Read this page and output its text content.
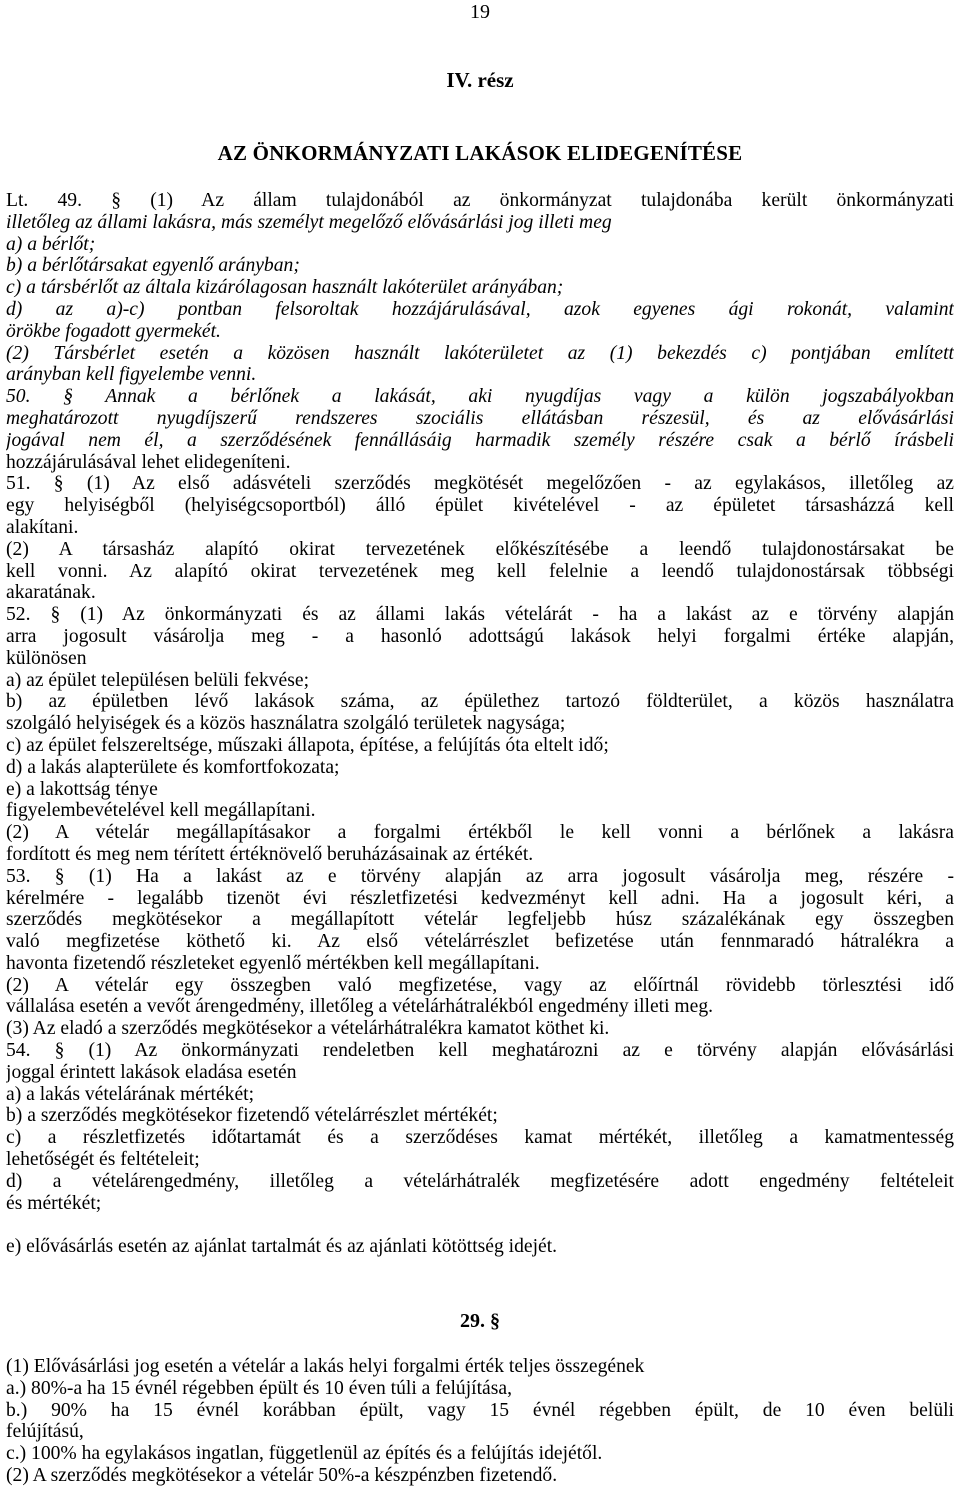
19
IV. rész
AZ ÖNKORMÁNYZATI LAKÁSOK ELIDEGENÍTÉSE
Lt. 49. § (1) Az állam tulajdonából az önkormányzat tulajdonába került önkormányzati
illetőleg az állami lakásra, más személyt megelőző elővásárlási jog illeti meg
a) a bérlőt;
b) a bérlőtársakat egyenlő arányban;
c) a társbérlőt az általa kizárólagosan használt lakóterület arányában;
d) az a)-c) pontban felsoroltak hozzájárulásával, azok egyenes ági rokonát, valamint
örökbe fogadott gyermekét.
(2) Társbérlet esetén a közösen használt lakóterületet az (1) bekezdés c) pontjában említett
arányban kell figyelembe venni.
50. § Annak a bérlőnek a lakását, aki nyugdíjas vagy a külön jogszabályokban
meghatározott nyugdíjszerű rendszeres szociális ellátásban részesül, és az elővásárlási
jogával nem él, a szerződésének fennállásáig harmadik személy részére csak a bérlő írásbeli
hozzájárulásával lehet elidegeníteni.
51. § (1) Az első adásvételi szerződés megkötését megelőzően - az egylakásos, illetőleg az
egy helyiségből (helyiségcsoportból) álló épület kivételével - az épületet társasházzá kell
alakítani.
(2) A társasház alapító okirat tervezetének előkészítésébe a leendő tulajdonostársakat be
kell vonni. Az alapító okirat tervezetének meg kell felelnie a leendő tulajdonostársak többségi
akaratának.
52. § (1) Az önkormányzati és az állami lakás vételárát - ha a lakást az e törvény alapján
arra jogosult vásárolja meg - a hasonló adottságú lakások helyi forgalmi értéke alapján,
különösen
a) az épület településen belüli fekvése;
b) az épületben lévő lakások száma, az épülethez tartozó földterület, a közös használatra
szolgáló helyiségek és a közös használatra szolgáló területek nagysága;
c) az épület felszereltsége, műszaki állapota, építése, a felújítás óta eltelt idő;
d) a lakás alapterülete és komfortfokozata;
e) a lakottság ténye
figyelembevételével kell megállapítani.
(2) A vételár megállapításakor a forgalmi értékből le kell vonni a bérlőnek a lakásra
fordított és meg nem térített értéknövelő beruházásainak az értékét.
53. § (1) Ha a lakást az e törvény alapján az arra jogosult vásárolja meg, részére -
kérelmére - legalább tizenöt évi részletfizetési kedvezményt kell adni. Ha a jogosult kéri, a
szerződés megkötésekor a megállapított vételár legfeljebb húsz százalékának egy összegben
való megfizetése köthető ki. Az első vételárrészlet befizetése után fennmaradó hátralékra a
havonta fizetendő részleteket egyenlő mértékben kell megállapítani.
(2) A vételár egy összegben való megfizetése, vagy az előírtnál rövidebb törlesztési idő
vállalása esetén a vevőt árengedmény, illetőleg a vételárhátralékból engedmény illeti meg.
(3) Az eladó a szerződés megkötésekor a vételárhátralékra kamatot köthet ki.
54. § (1) Az önkormányzati rendeletben kell meghatározni az e törvény alapján elővásárlási
joggal érintett lakások eladása esetén
a) a lakás vételárának mértékét;
b) a szerződés megkötésekor fizetendő vételárrészlet mértékét;
c) a részletfizetés időtartamát és a szerződéses kamat mértékét, illetőleg a kamatmentesség
lehetőségét és feltételeit;
d) a vételárengedmény, illetőleg a vételárhátralék megfizetésére adott engedmény feltételeit
és mértékét;
e) elővásárlás esetén az ajánlat tartalmát és az ajánlati kötöttség idejét.
29. §
(1) Elővásárlási jog esetén a vételár a lakás helyi forgalmi érték teljes összegének
a.) 80%-a ha 15 évnél régebben épült és 10 éven túli a felújítása,
b.) 90% ha 15 évnél korábban épült, vagy 15 évnél régebben épült, de 10 éven belüli
felújítású,
c.) 100% ha egylakásos ingatlan, függetlenül az építés és a felújítás idejétől.
(2) A szerződés megkötésekor a vételár 50%-a készpénzben fizetendő.
